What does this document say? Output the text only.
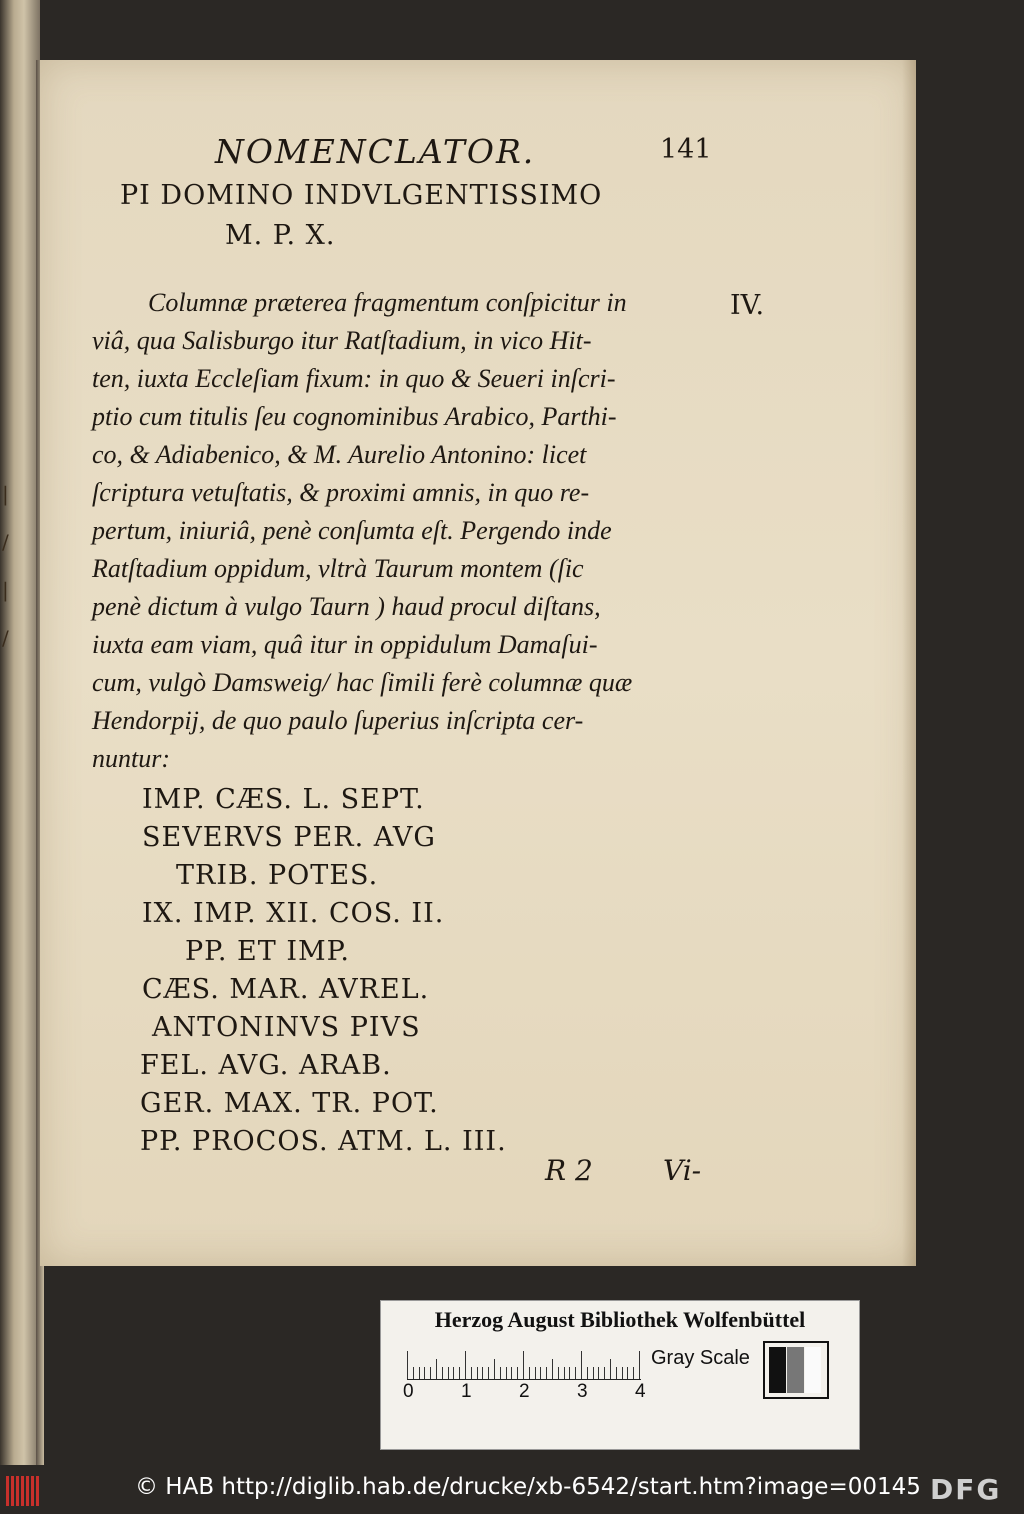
|
/
|
/
NOMENCLATOR.	141
PI DOMINO INDVLGENTISSIMO
M. P. X.
IV.
Columnæ præterea fragmentum conſpicitur in
viâ, qua Salisburgo itur Ratſtadium, in vico Hit-
ten, iuxta Eccleſiam fixum: in quo & Seueri inſcri-
ptio cum titulis ſeu cognominibus Arabico, Parthi-
co, & Adiabenico, & M. Aurelio Antonino: licet
ſcriptura vetuſtatis, & proximi amnis, in quo re-
pertum, iniuriâ, penè conſumta eſt. Pergendo inde
Ratſtadium oppidum, vltrà Taurum montem (ſic
penè dictum à vulgo Taurn ) haud procul diſtans,
iuxta eam viam, quâ itur in oppidulum Damaſui-
cum, vulgò Damsweig/ hac ſimili ferè columnæ quæ
Hendorpij, de quo paulo ſuperius inſcripta cer-
nuntur:
IMP. CÆS. L. SEPT.
SEVERVS PER. AVG
TRIB. POTES.
IX. IMP. XII. COS. II.
PP. ET IMP.
CÆS. MAR. AVREL.
ANTONINVS PIVS
FEL. AVG. ARAB.
GER. MAX. TR. POT.
PP. PROCOS. ATM. L. III.
R 2	Vi-
Herzog August Bibliothek Wolfenbüttel
0 1 2 3 4
Gray Scale
© HAB http://diglib.hab.de/drucke/xb-6542/start.htm?image=00145 DFG
